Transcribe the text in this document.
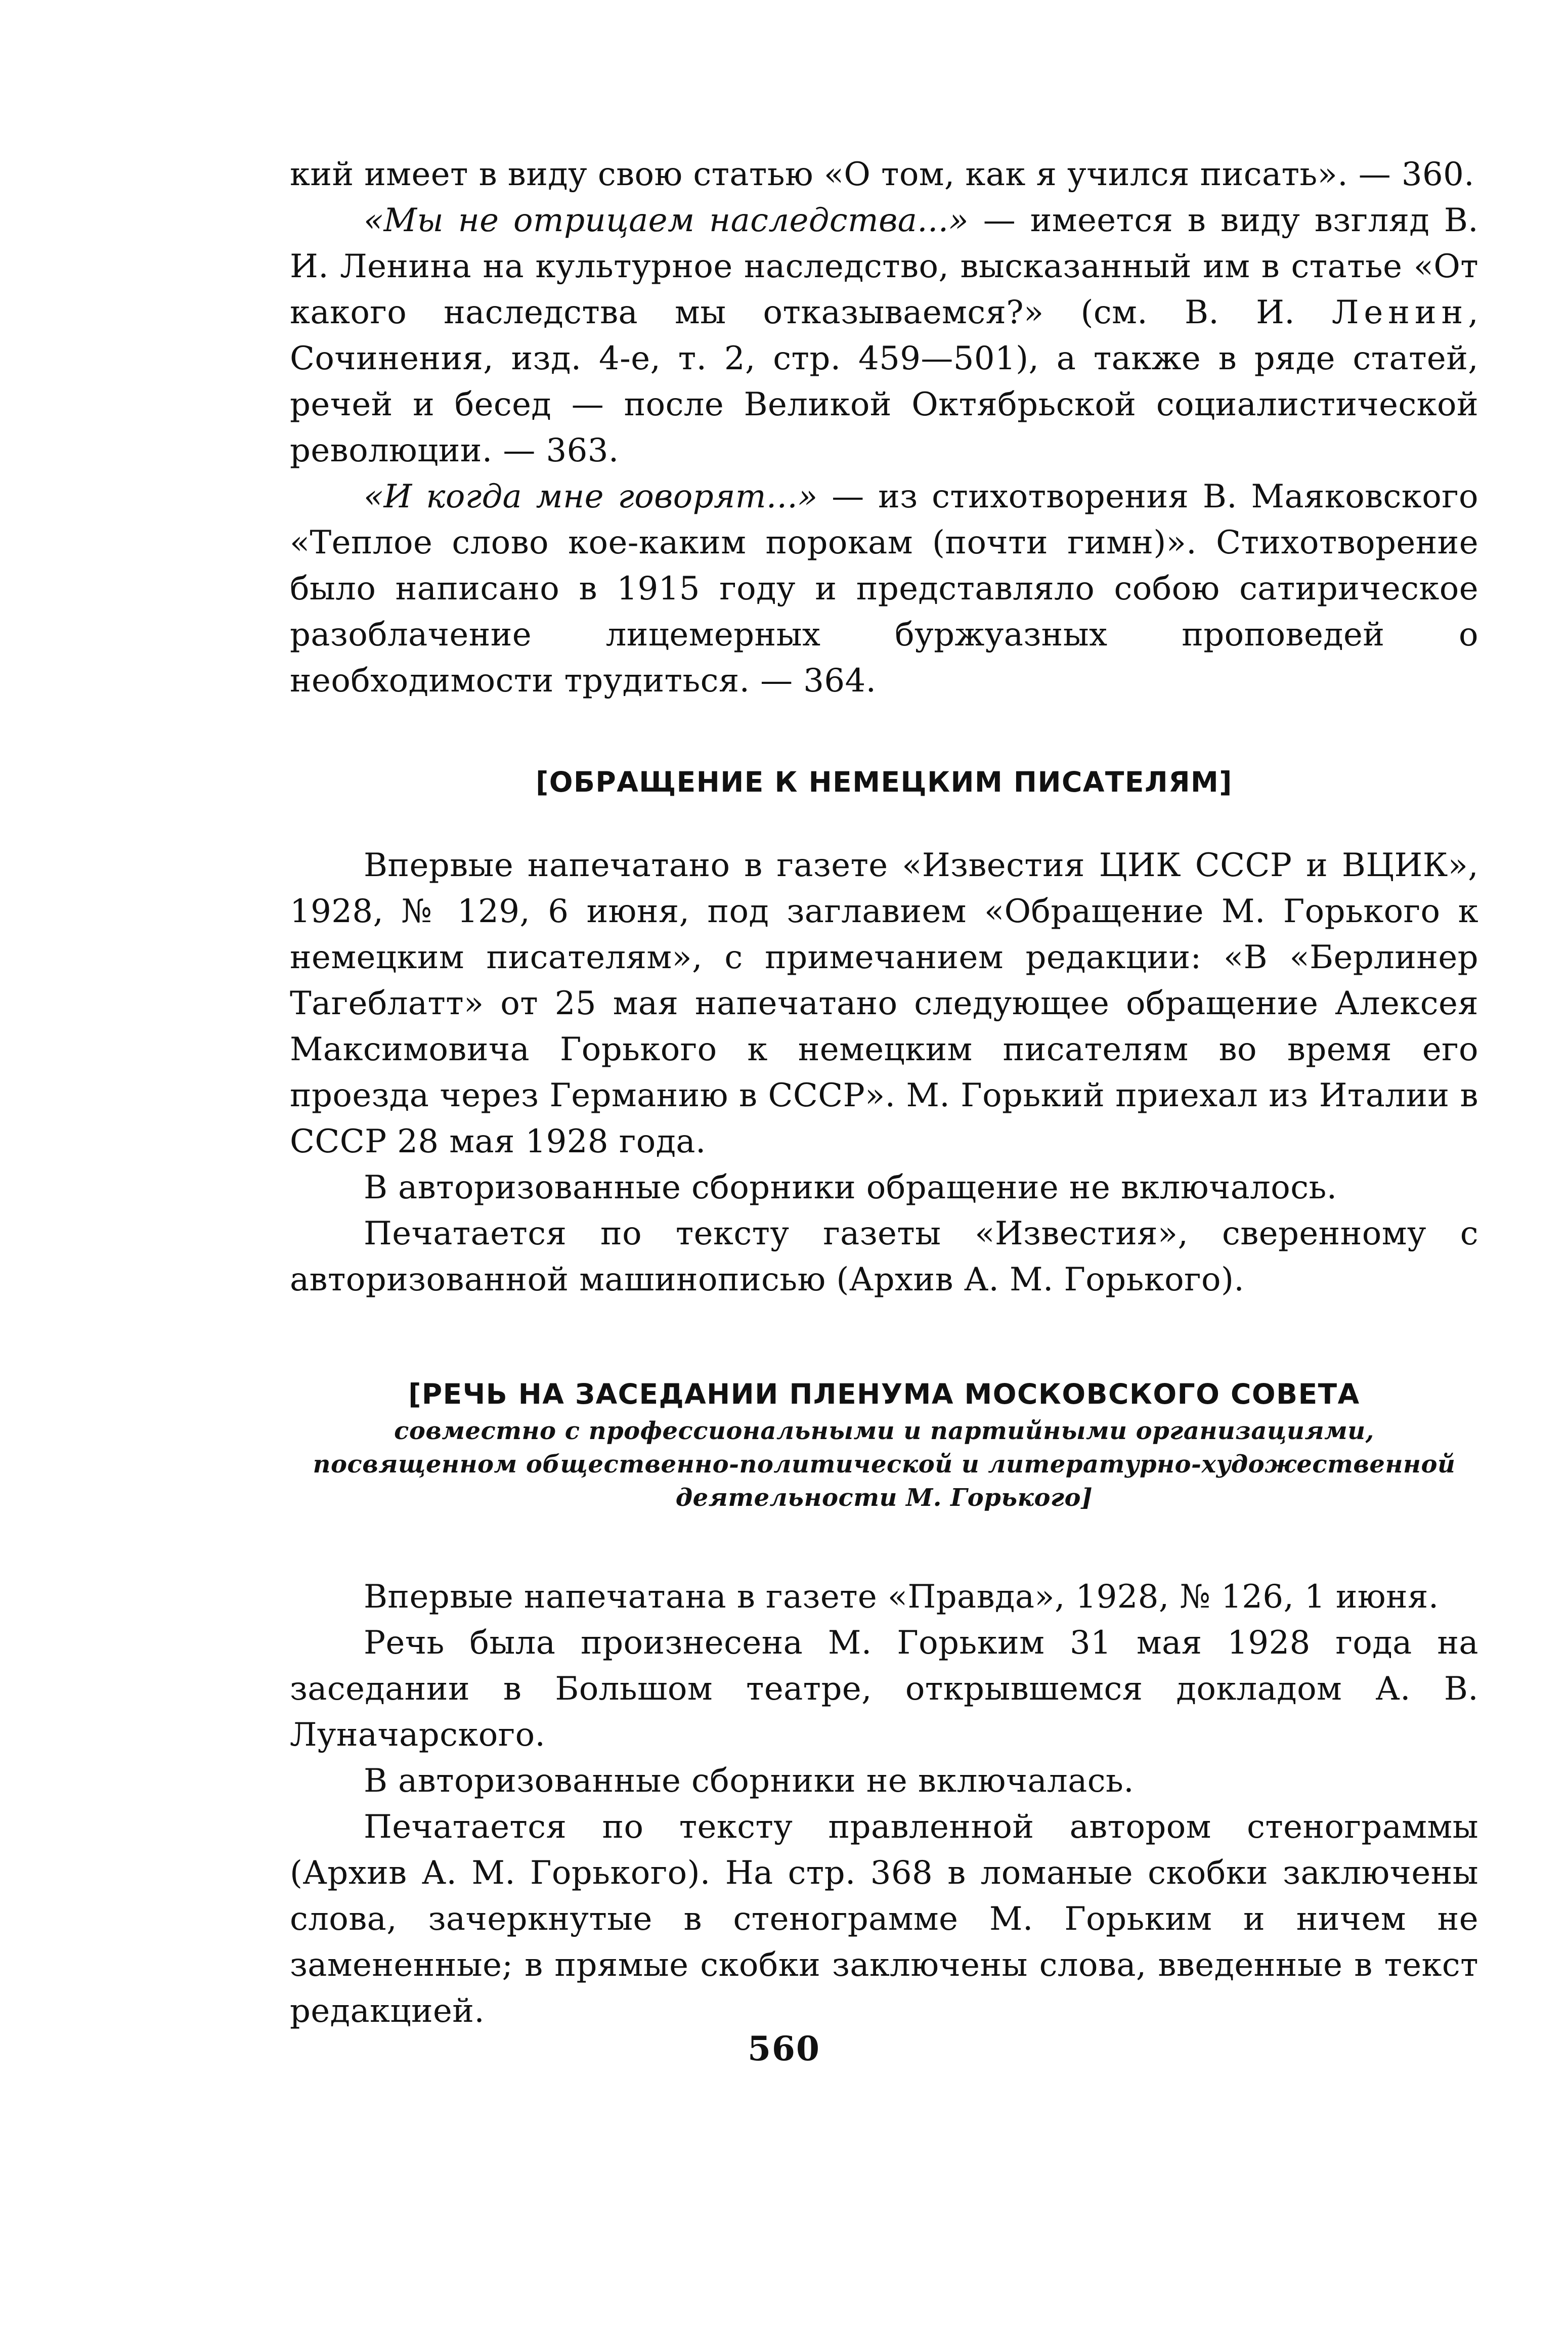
кий имеет в виду свою статью «О том, как я учился писать». — 360.

«Мы не отрицаем наследства...» — имеется в виду взгляд В. И. Ленина на культурное наследство, высказанный им в статье «От какого наследства мы отказываемся?» (см. В. И. Ленин, Сочинения, изд. 4-е, т. 2, стр. 459—501), а также в ряде статей, речей и бесед — после Великой Октябрьской социалистической революции. — 363.

«И когда мне говорят...» — из стихотворения В. Маяковского «Теплое слово кое-каким порокам (почти гимн)». Стихотворение было написано в 1915 году и представляло собою сатирическое разоблачение лицемерных буржуазных проповедей о необходимости трудиться. — 364.

[ОБРАЩЕНИЕ К НЕМЕЦКИМ ПИСАТЕЛЯМ]

Впервые напечатано в газете «Известия ЦИК СССР и ВЦИК», 1928, № 129, 6 июня, под заглавием «Обращение М. Горького к немецким писателям», с примечанием редакции: «В «Берлинер Тагеблатт» от 25 мая напечатано следующее обращение Алексея Максимовича Горького к немецким писателям во время его проезда через Германию в СССР». М. Горький приехал из Италии в СССР 28 мая 1928 года.

В авторизованные сборники обращение не включалось.

Печатается по тексту газеты «Известия», сверенному с авторизованной машинописью (Архив А. М. Горького).

[РЕЧЬ НА ЗАСЕДАНИИ ПЛЕНУМА МОСКОВСКОГО СОВЕТА

совместно с профессиональными и партийными организациями, посвященном общественно-политической и литературно-художественной деятельности М. Горького]

Впервые напечатана в газете «Правда», 1928, № 126, 1 июня.

Речь была произнесена М. Горьким 31 мая 1928 года на заседании в Большом театре, открывшемся докладом А. В. Луначарского.

В авторизованные сборники не включалась.

Печатается по тексту правленной автором стенограммы (Архив А. М. Горького). На стр. 368 в ломаные скобки заключены слова, зачеркнутые в стенограмме М. Горьким и ничем не замененные; в прямые скобки заключены слова, введенные в текст редакцией.

560
